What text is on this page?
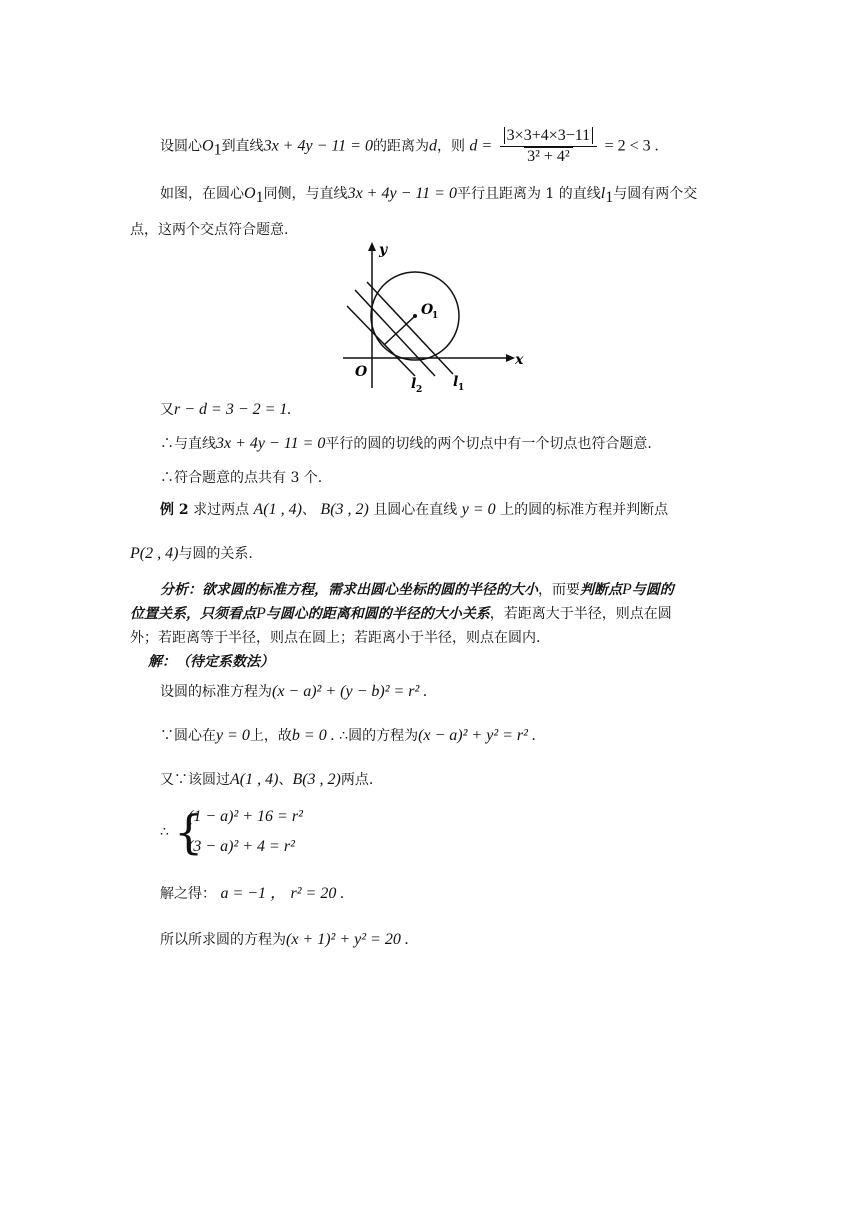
设圆心$O_1$到直线3x + 4y − 11 = 0的距离为d，则 $d = \frac{3\times 3+4\times 3-11}{\text{3² + 4²}} = 2 < 3$ .
如图，在圆心$O_1$同侧，与直线3x + 4y − 11 = 0平行且距离为 1 的直线$l_1$与圆有两个交
点，这两个交点符合题意.
y
x
O
O
1
l 2 l 1
又r − d = 3 − 2 = 1.
∴与直线3x + 4y − 11 = 0平行的圆的切线的两个切点中有一个切点也符合题意.
∴符合题意的点共有 3 个.
例 2 求过两点 A(1 , 4)、 B(3 , 2) 且圆心在直线 y = 0 上的圆的标准方程并判断点
P(2 , 4)与圆的关系.
分析：欲求圆的标准方程，需求出圆心坐标的圆的半径的大小，而要判断点P与圆的
位置关系，只须看点P与圆心的距离和圆的半径的大小关系，若距离大于半径，则点在圆
外；若距离等于半径，则点在圆上；若距离小于半径，则点在圆内.
解：（待定系数法）
设圆的标准方程为(x − a)² + (y − b)² = r² .
∵圆心在y = 0上，故b = 0 . ∴圆的方程为(x − a)² + y² = r² .
又∵该圆过A(1 , 4)、B(3 , 2)两点.
∴ {
(1 − a)² + 16 = r²
(3 − a)² + 4 = r²
解之得： a = −1 ， r² = 20 .
所以所求圆的方程为(x + 1)² + y² = 20 .
